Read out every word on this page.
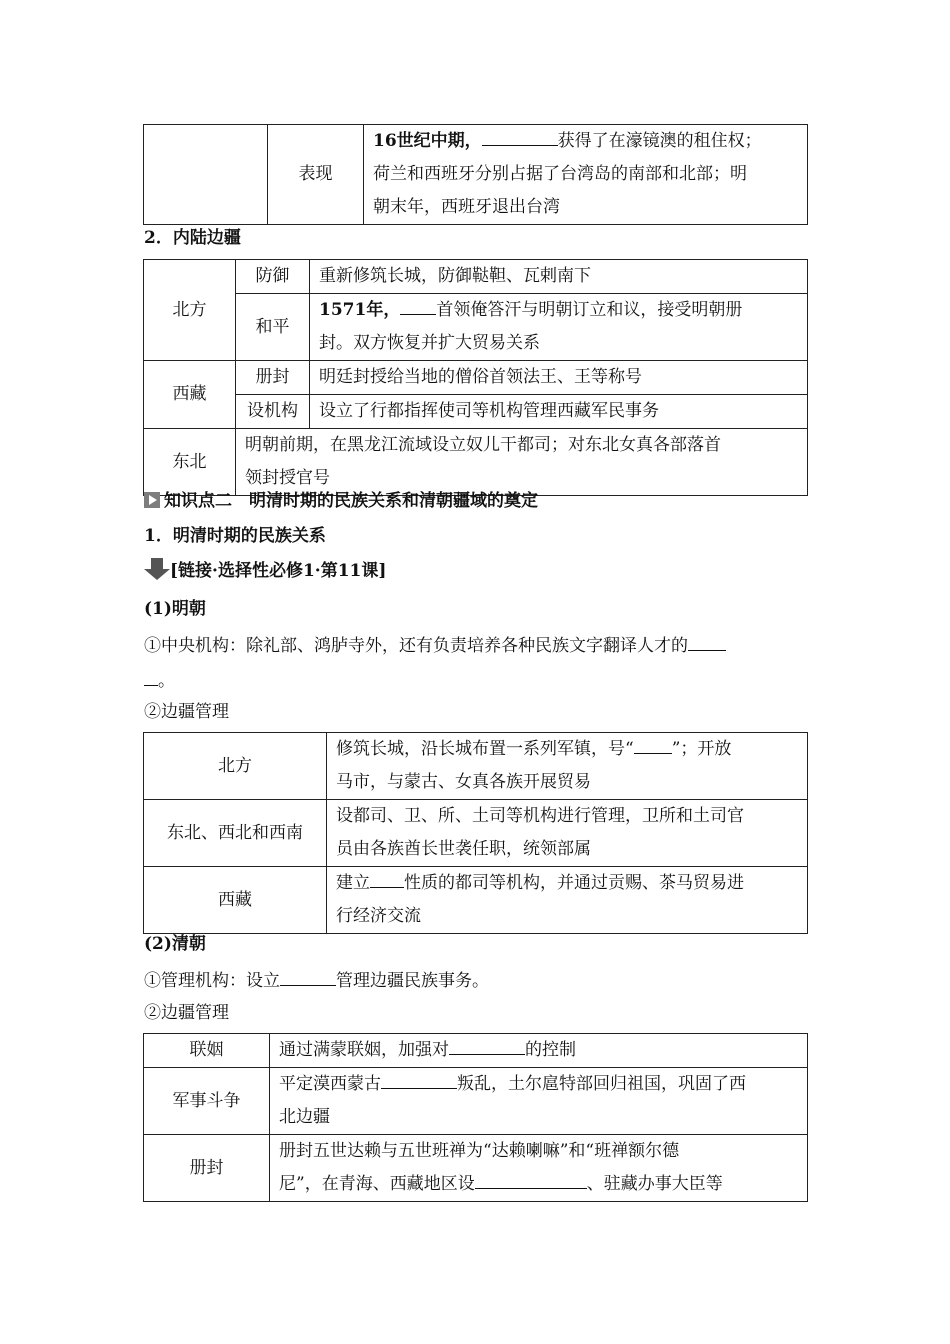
	表现	16世纪中期，	获得了在濠镜澳的租住权；
荷兰和西班牙分别占据了台湾岛的南部和北部；明
朝末年，西班牙退出台湾
2．内陆边疆
北方	防御	重新修筑长城，防御鞑靼、瓦剌南下
	和平	1571年， 首领俺答汗与明朝订立和议，接受明朝册
封。双方恢复并扩大贸易关系
西藏	册封	明廷封授给当地的僧俗首领法王、王等称号
	设机构	设立了行都指挥使司等机构管理西藏军民事务
东北	明朝前期，在黑龙江流域设立奴儿干都司；对东北女真各部落首
领封授官号	
知识点二　明清时期的民族关系和清朝疆域的奠定
1．明清时期的民族关系
[链接·选择性必修1·第11课]
(1)明朝
①中央机构：除礼部、鸿胪寺外，还有负责培养各种民族文字翻译人才的
。
②边疆管理
北方	修筑长城，沿长城布置一系列军镇，号“ ”；开放
马市，与蒙古、女真各族开展贸易
东北、西北和西南	设都司、卫、所、土司等机构进行管理，卫所和土司官
员由各族酋长世袭任职，统领部属
西藏	建立 性质的都司等机构，并通过贡赐、茶马贸易进
行经济交流
(2)清朝
①管理机构：设立	管理边疆民族事务。
②边疆管理
联姻	通过满蒙联姻，加强对 的控制
军事斗争	平定漠西蒙古 叛乱，土尔扈特部回归祖国，巩固了西
北边疆
册封	册封五世达赖与五世班禅为“达赖喇嘛”和“班禅额尔德
尼”，在青海、西藏地区设 、驻藏办事大臣等
